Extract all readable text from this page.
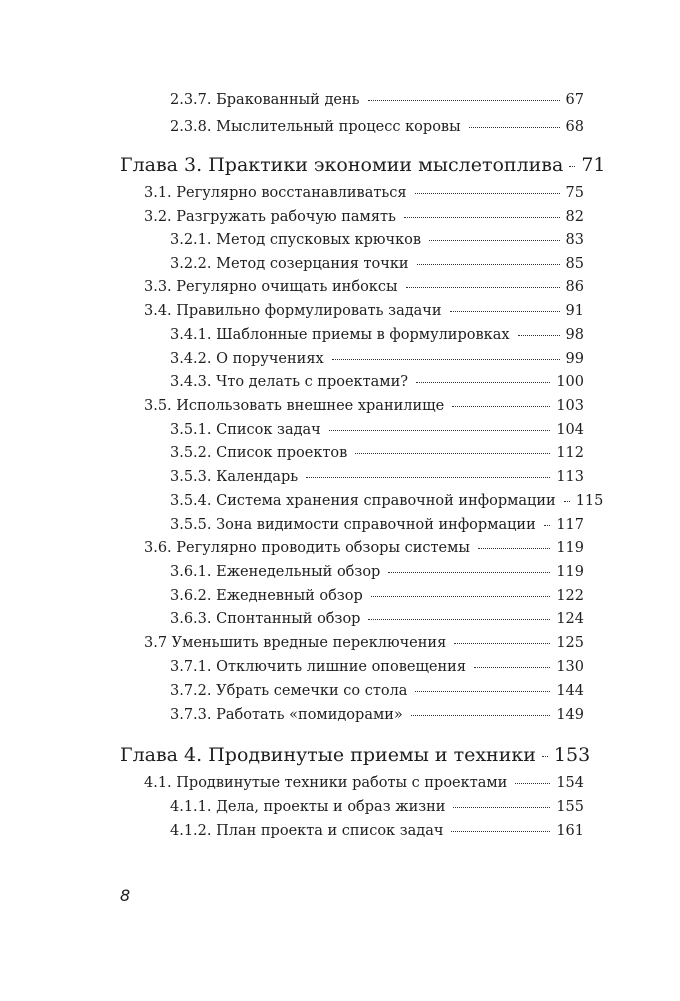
2.3.7. Бракованный день	67
2.3.8. Мыслительный процесс коровы	68
Глава 3. Практики экономии мыслетоплива 71
3.1. Регулярно восстанавливаться	75
3.2. Разгружать рабочую память	82
3.2.1. Метод спусковых крючков	83
3.2.2. Метод созерцания точки	85
3.3. Регулярно очищать инбоксы	86
3.4. Правильно формулировать задачи	91
3.4.1. Шаблонные приемы в формулировках	98
3.4.2. О поручениях	99
3.4.3. Что делать с проектами?	100
3.5. Использовать внешнее хранилище	103
3.5.1. Список задач	104
3.5.2. Список проектов	112
3.5.3. Календарь	113
3.5.4. Система хранения справочной информации 115
3.5.5. Зона видимости справочной информации 117
3.6. Регулярно проводить обзоры системы	119
3.6.1. Еженедельный обзор	119
3.6.2. Ежедневный обзор	122
3.6.3. Спонтанный обзор	124
3.7 Уменьшить вредные переключения	125
3.7.1. Отключить лишние оповещения	130
3.7.2. Убрать семечки со стола	144
3.7.3. Работать «помидорами»	149
Глава 4. Продвинутые приемы и техники 153
4.1. Продвинутые техники работы с проектами	154
4.1.1. Дела, проекты и образ жизни	155
4.1.2. План проекта и список задач	161
8
